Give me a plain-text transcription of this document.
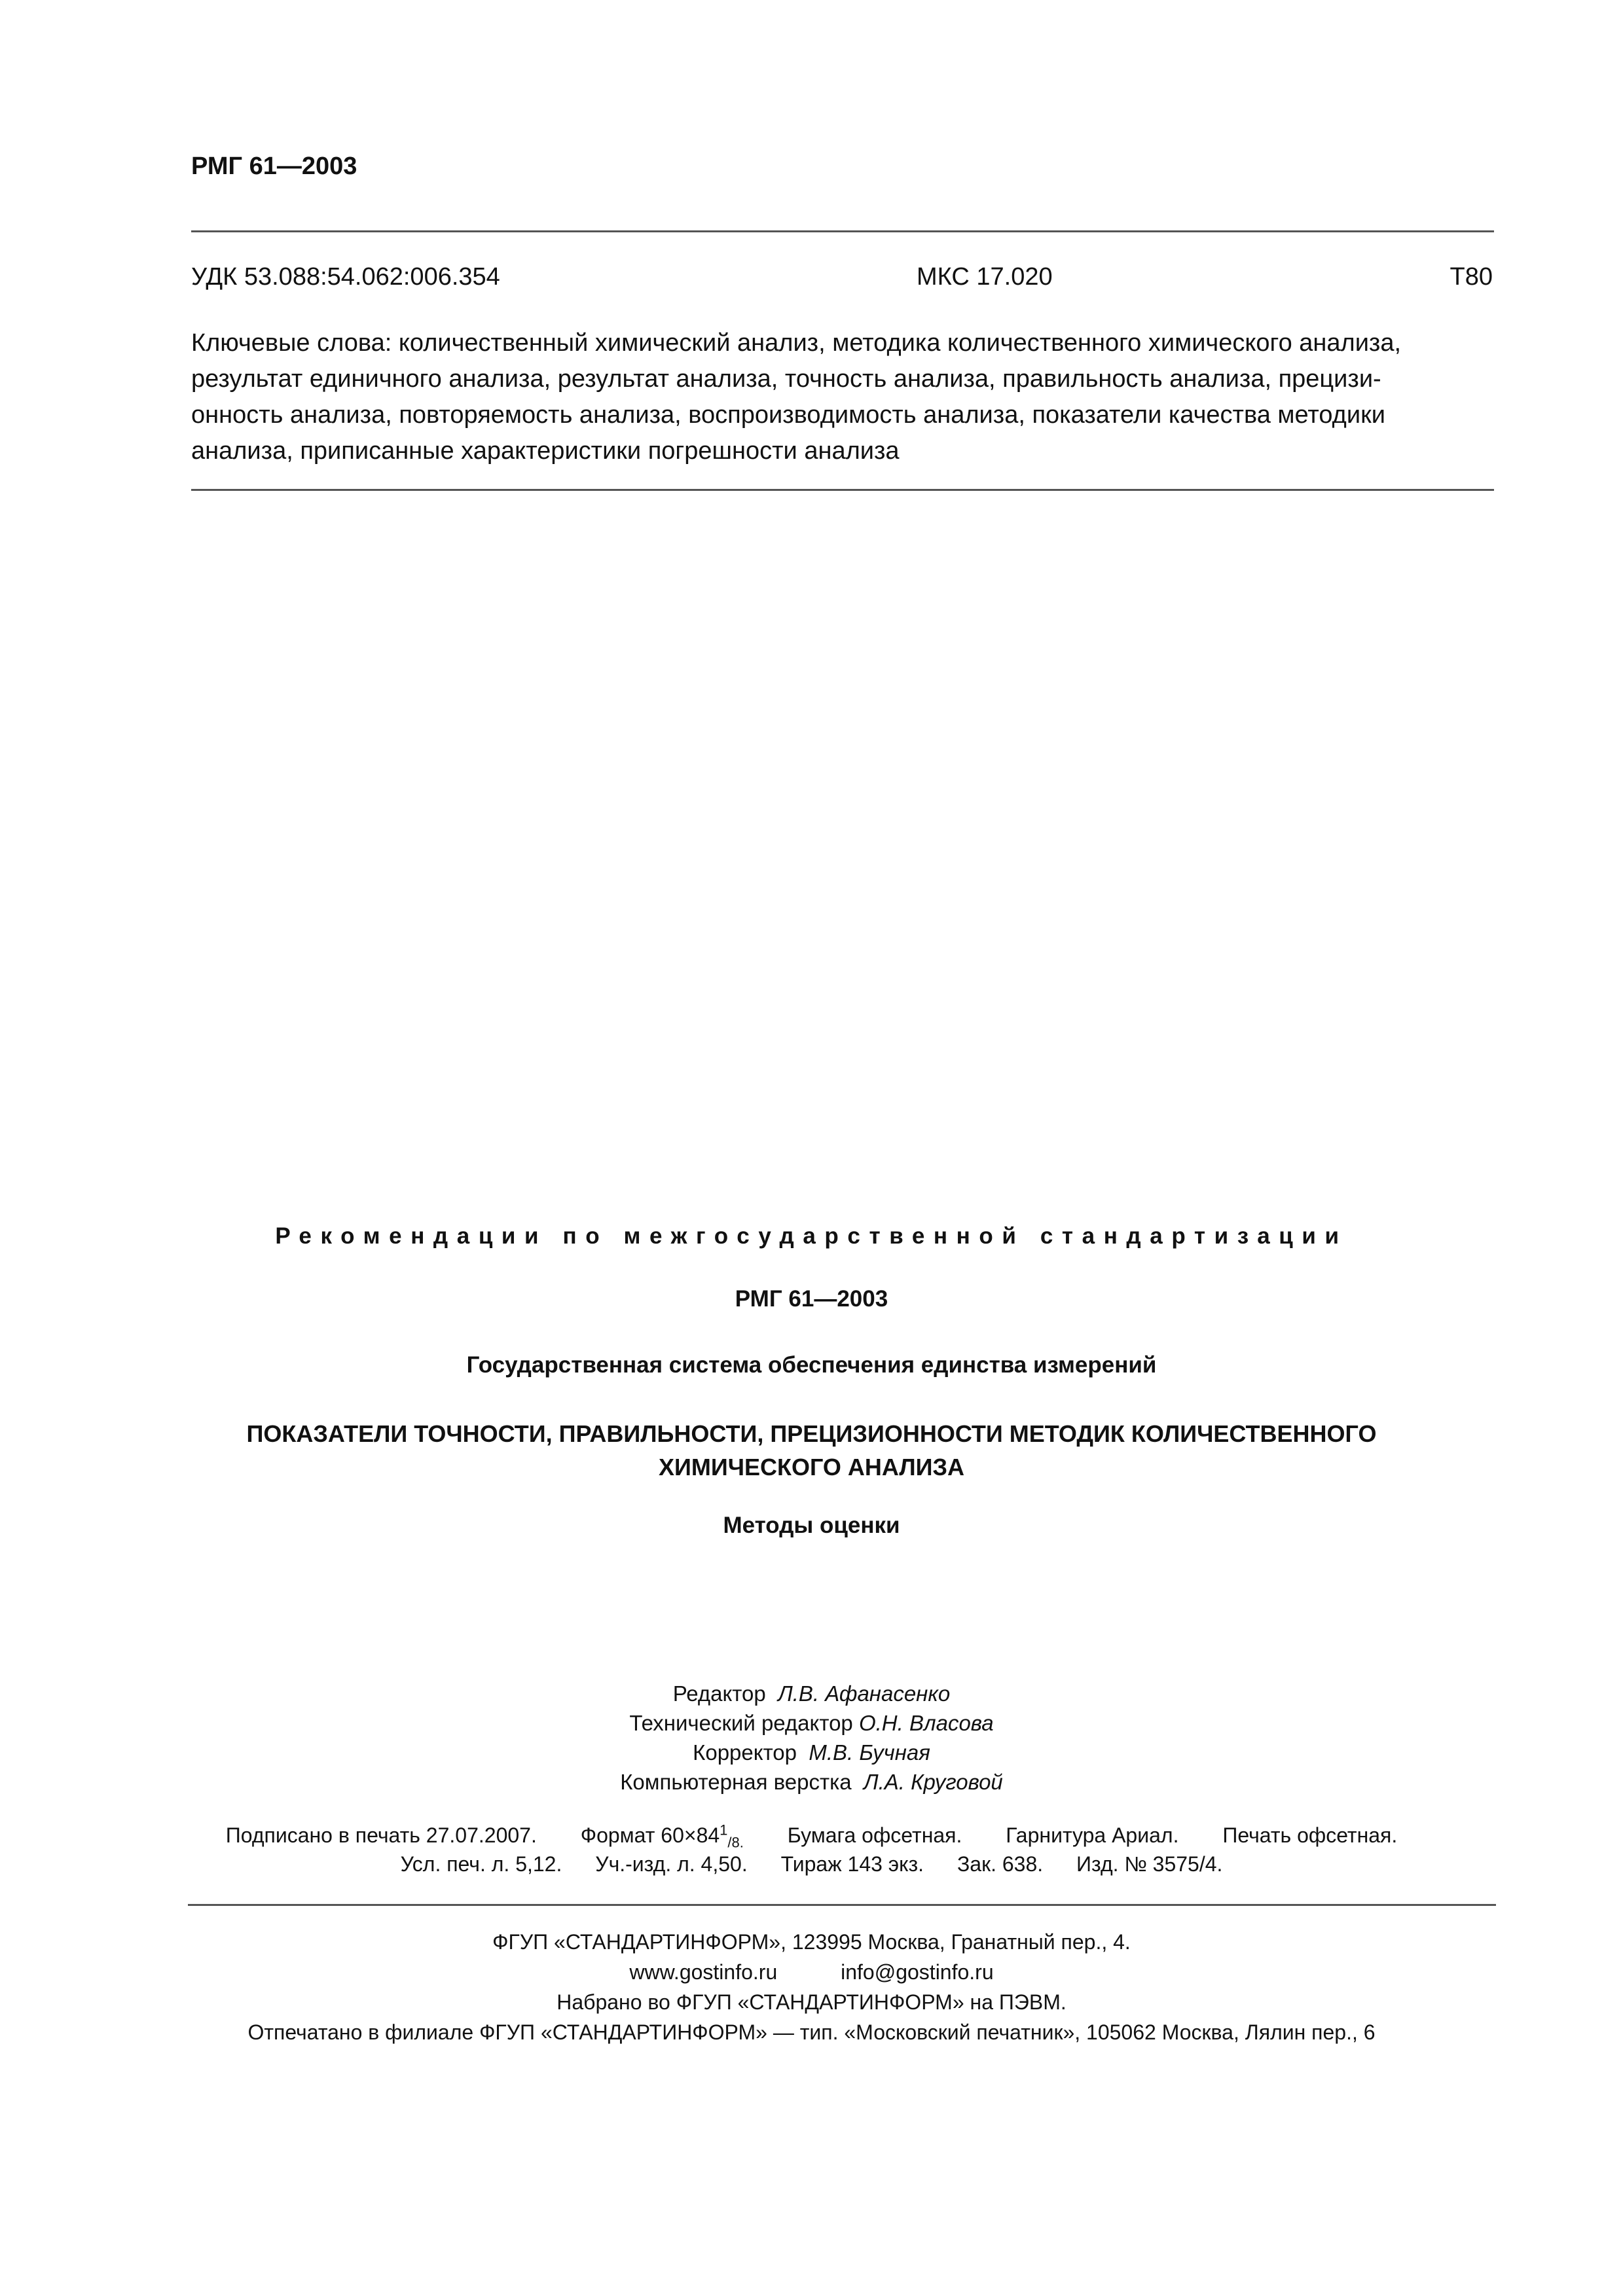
РМГ 61—2003
УДК 53.088:54.062:006.354	МКС 17.020	Т80
Ключевые слова: количественный химический анализ, методика количественного химического анализа,
результат единичного анализа, результат анализа, точность анализа, правильность анализа, прецизи-
онность анализа, повторяемость анализа, воспроизводимость анализа, показатели качества методики
анализа, приписанные характеристики погрешности анализа
Рекомендации по межгосударственной стандартизации
РМГ 61—2003
Государственная система обеспечения единства измерений
ПОКАЗАТЕЛИ ТОЧНОСТИ, ПРАВИЛЬНОСТИ, ПРЕЦИЗИОННОСТИ МЕТОДИК КОЛИЧЕСТВЕННОГО
ХИМИЧЕСКОГО АНАЛИЗА
Методы оценки
Редактор Л.В. Афанасенко
Технический редактор О.Н. Власова
Корректор М.В. Бучная
Компьютерная верстка Л.А. Круговой
Подписано в печать 27.07.2007. Формат $60\times 84^1_{/8.}$ Бумага офсетная. Гарнитура Ариал. Печать офсетная.
Усл. печ. л. 5,12. Уч.-изд. л. 4,50. Тираж 143 экз. Зак. 638. Изд. № 3575/4.
ФГУП «СТАНДАРТИНФОРМ», 123995 Москва, Гранатный пер., 4.
www.gostinfo.ru	info@gostinfo.ru
Набрано во ФГУП «СТАНДАРТИНФОРМ» на ПЭВМ.
Отпечатано в филиале ФГУП «СТАНДАРТИНФОРМ» — тип. «Московский печатник», 105062 Москва, Лялин пер., 6
